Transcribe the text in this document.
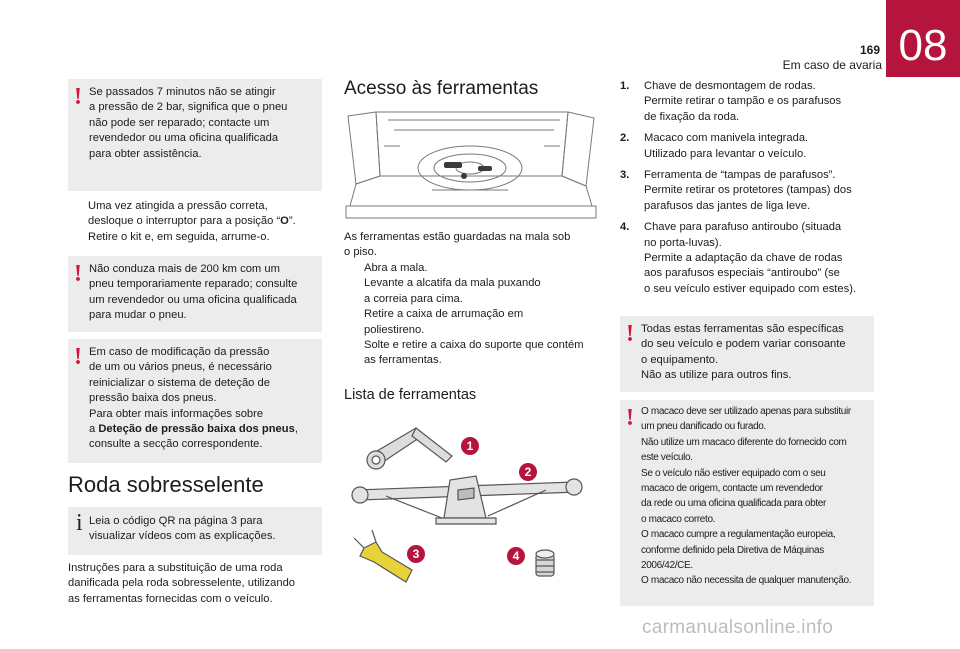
169 08
Em caso de avaria
! Se passados 7 minutos não se atingir

a pressão de 2 bar, significa que o pneu

não pode ser reparado; contacte um

revendedor ou uma oficina qualificada

para obter assistência.

Uma vez atingida a pressão correta,
desloque o interruptor para a posição “O”.
Retire o kit e, em seguida, arrume-o.
! Não conduza mais de 200 km com um

pneu temporariamente reparado; consulte

um revendedor ou uma oficina qualificada

para mudar o pneu.

! Em caso de modificação da pressão

de um ou vários pneus, é necessário

reinicializar o sistema de deteção de

pressão baixa dos pneus.

Para obter mais informações sobre

a Deteção de pressão baixa dos pneus,

consulte a secção correspondente.

Roda sobresselente
i Leia o código QR na página 3 para

visualizar vídeos com as explicações.

Instruções para a substituição de uma roda
danificada pela roda sobresselente, utilizando
as ferramentas fornecidas com o veículo.
Acesso às ferramentas
As ferramentas estão guardadas na mala sob
o piso.
Abra a mala.
Levante a alcatifa da mala puxando
a correia para cima.
Retire a caixa de arrumação em
poliestireno.
Solte e retire a caixa do suporte que contém
as ferramentas.
Lista de ferramentas
1
2
3	4
1. Chave de desmontagem de rodas.
Permite retirar o tampão e os parafusos
de fixação da roda.
2. Macaco com manivela integrada.
Utilizado para levantar o veículo.
3. Ferramenta de “tampas de parafusos”.
Permite retirar os protetores (tampas) dos
parafusos das jantes de liga leve.
4. Chave para parafuso antiroubo (situada
no porta-luvas).
Permite a adaptação da chave de rodas
aos parafusos especiais “antiroubo” (se
o seu veículo estiver equipado com estes).
! Todas estas ferramentas são específicas

do seu veículo e podem variar consoante

o equipamento.

Não as utilize para outros fins.

! O macaco deve ser utilizado apenas para substituir

um pneu danificado ou furado.

Não utilize um macaco diferente do fornecido com

este veículo.

Se o veículo não estiver equipado com o seu

macaco de origem, contacte um revendedor

da rede ou uma oficina qualificada para obter

o macaco correto.

O macaco cumpre a regulamentação europeia,

conforme definido pela Diretiva de Máquinas

2006/42/CE.

O macaco não necessita de qualquer manutenção.

carmanualsonline.info
